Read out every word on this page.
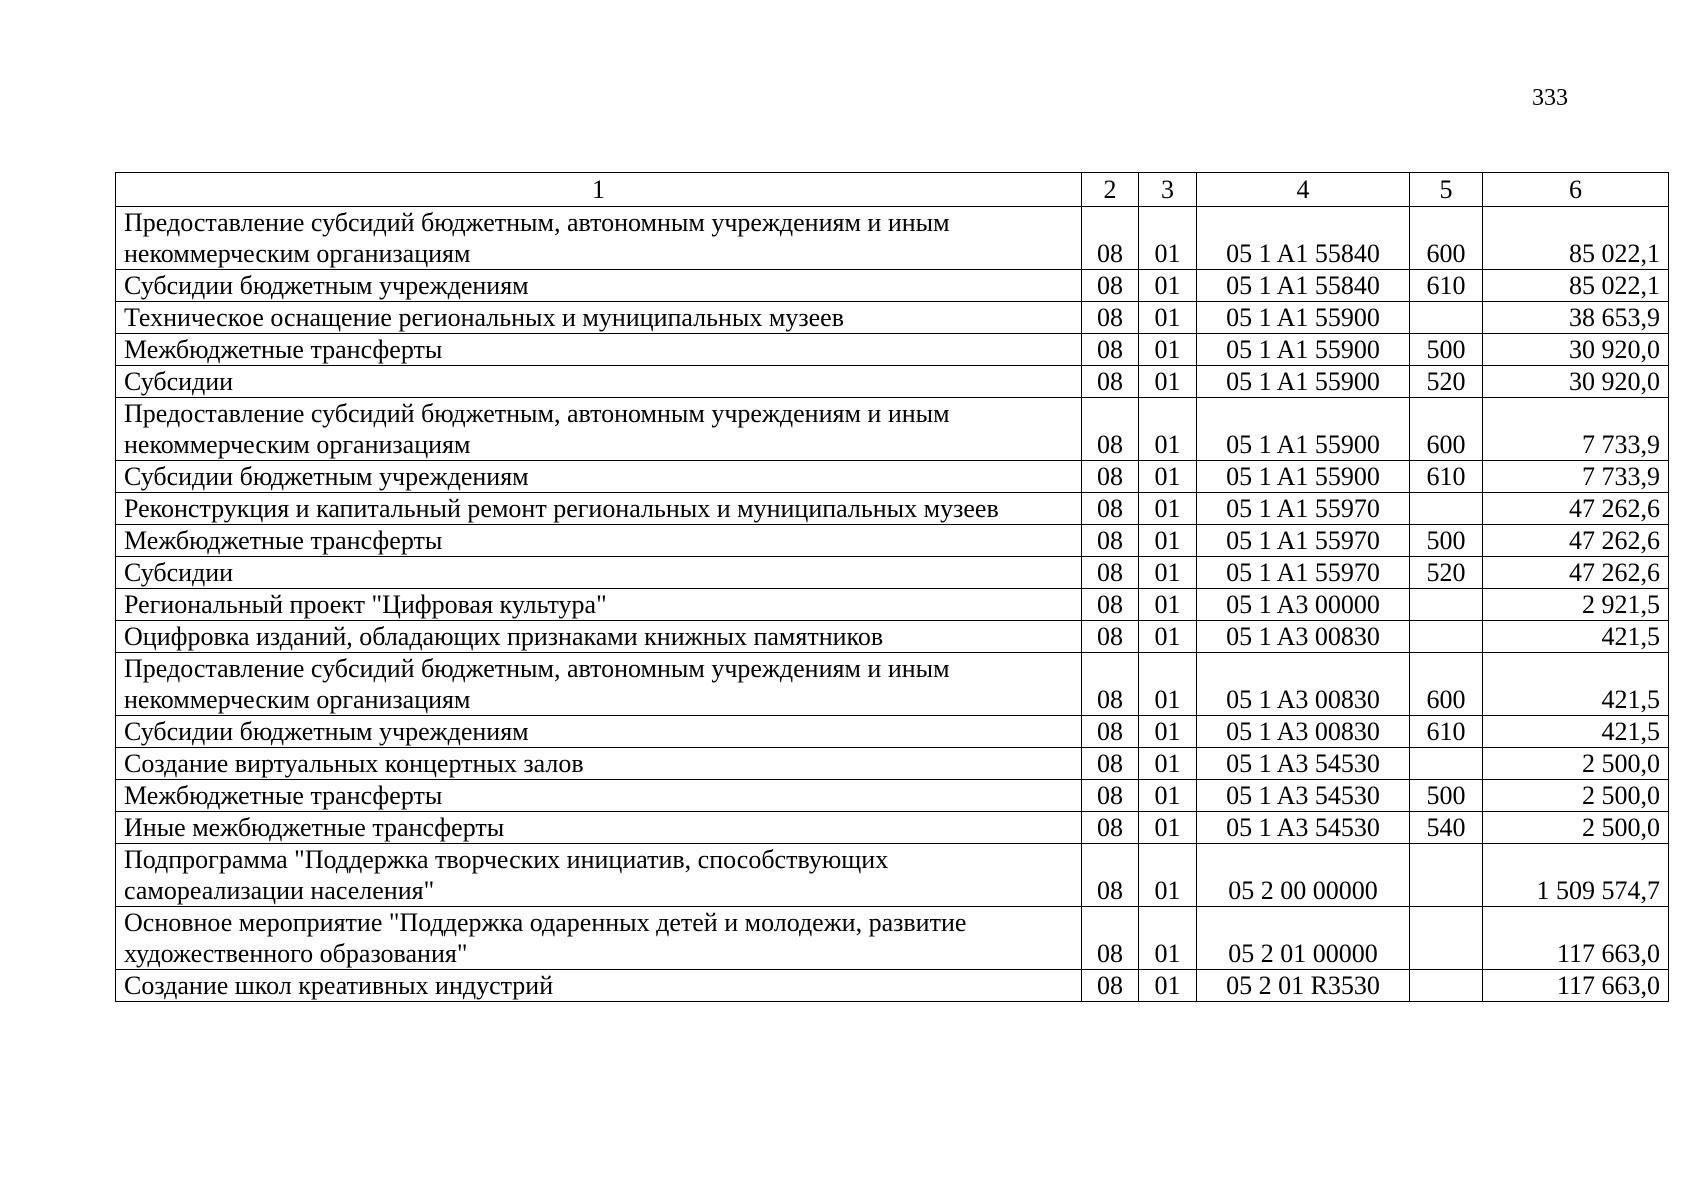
333
1	2	3	4	5	6
Предоставление субсидий бюджетным, автономным учреждениям и иным некоммерческим организациям	08	01	05 1 A1 55840	600	85 022,1
Субсидии бюджетным учреждениям	08	01	05 1 A1 55840	610	85 022,1
Техническое оснащение региональных и муниципальных музеев	08	01	05 1 A1 55900		38 653,9
Межбюджетные трансферты	08	01	05 1 A1 55900	500	30 920,0
Субсидии	08	01	05 1 A1 55900	520	30 920,0
Предоставление субсидий бюджетным, автономным учреждениям и иным некоммерческим организациям	08	01	05 1 A1 55900	600	7 733,9
Субсидии бюджетным учреждениям	08	01	05 1 A1 55900	610	7 733,9
Реконструкция и капитальный ремонт региональных и муниципальных музеев	08	01	05 1 A1 55970		47 262,6
Межбюджетные трансферты	08	01	05 1 A1 55970	500	47 262,6
Субсидии	08	01	05 1 A1 55970	520	47 262,6
Региональный проект "Цифровая культура"	08	01	05 1 A3 00000		2 921,5
Оцифровка изданий, обладающих признаками книжных памятников	08	01	05 1 A3 00830		421,5
Предоставление субсидий бюджетным, автономным учреждениям и иным некоммерческим организациям	08	01	05 1 A3 00830	600	421,5
Субсидии бюджетным учреждениям	08	01	05 1 A3 00830	610	421,5
Создание виртуальных концертных залов	08	01	05 1 A3 54530		2 500,0
Межбюджетные трансферты	08	01	05 1 A3 54530	500	2 500,0
Иные межбюджетные трансферты	08	01	05 1 A3 54530	540	2 500,0
Подпрограмма "Поддержка творческих инициатив, способствующих самореализации населения"	08	01	05 2 00 00000		1 509 574,7
Основное мероприятие "Поддержка одаренных детей и молодежи, развитие художественного образования"	08	01	05 2 01 00000		117 663,0
Создание школ креативных индустрий	08	01	05 2 01 R3530		117 663,0
